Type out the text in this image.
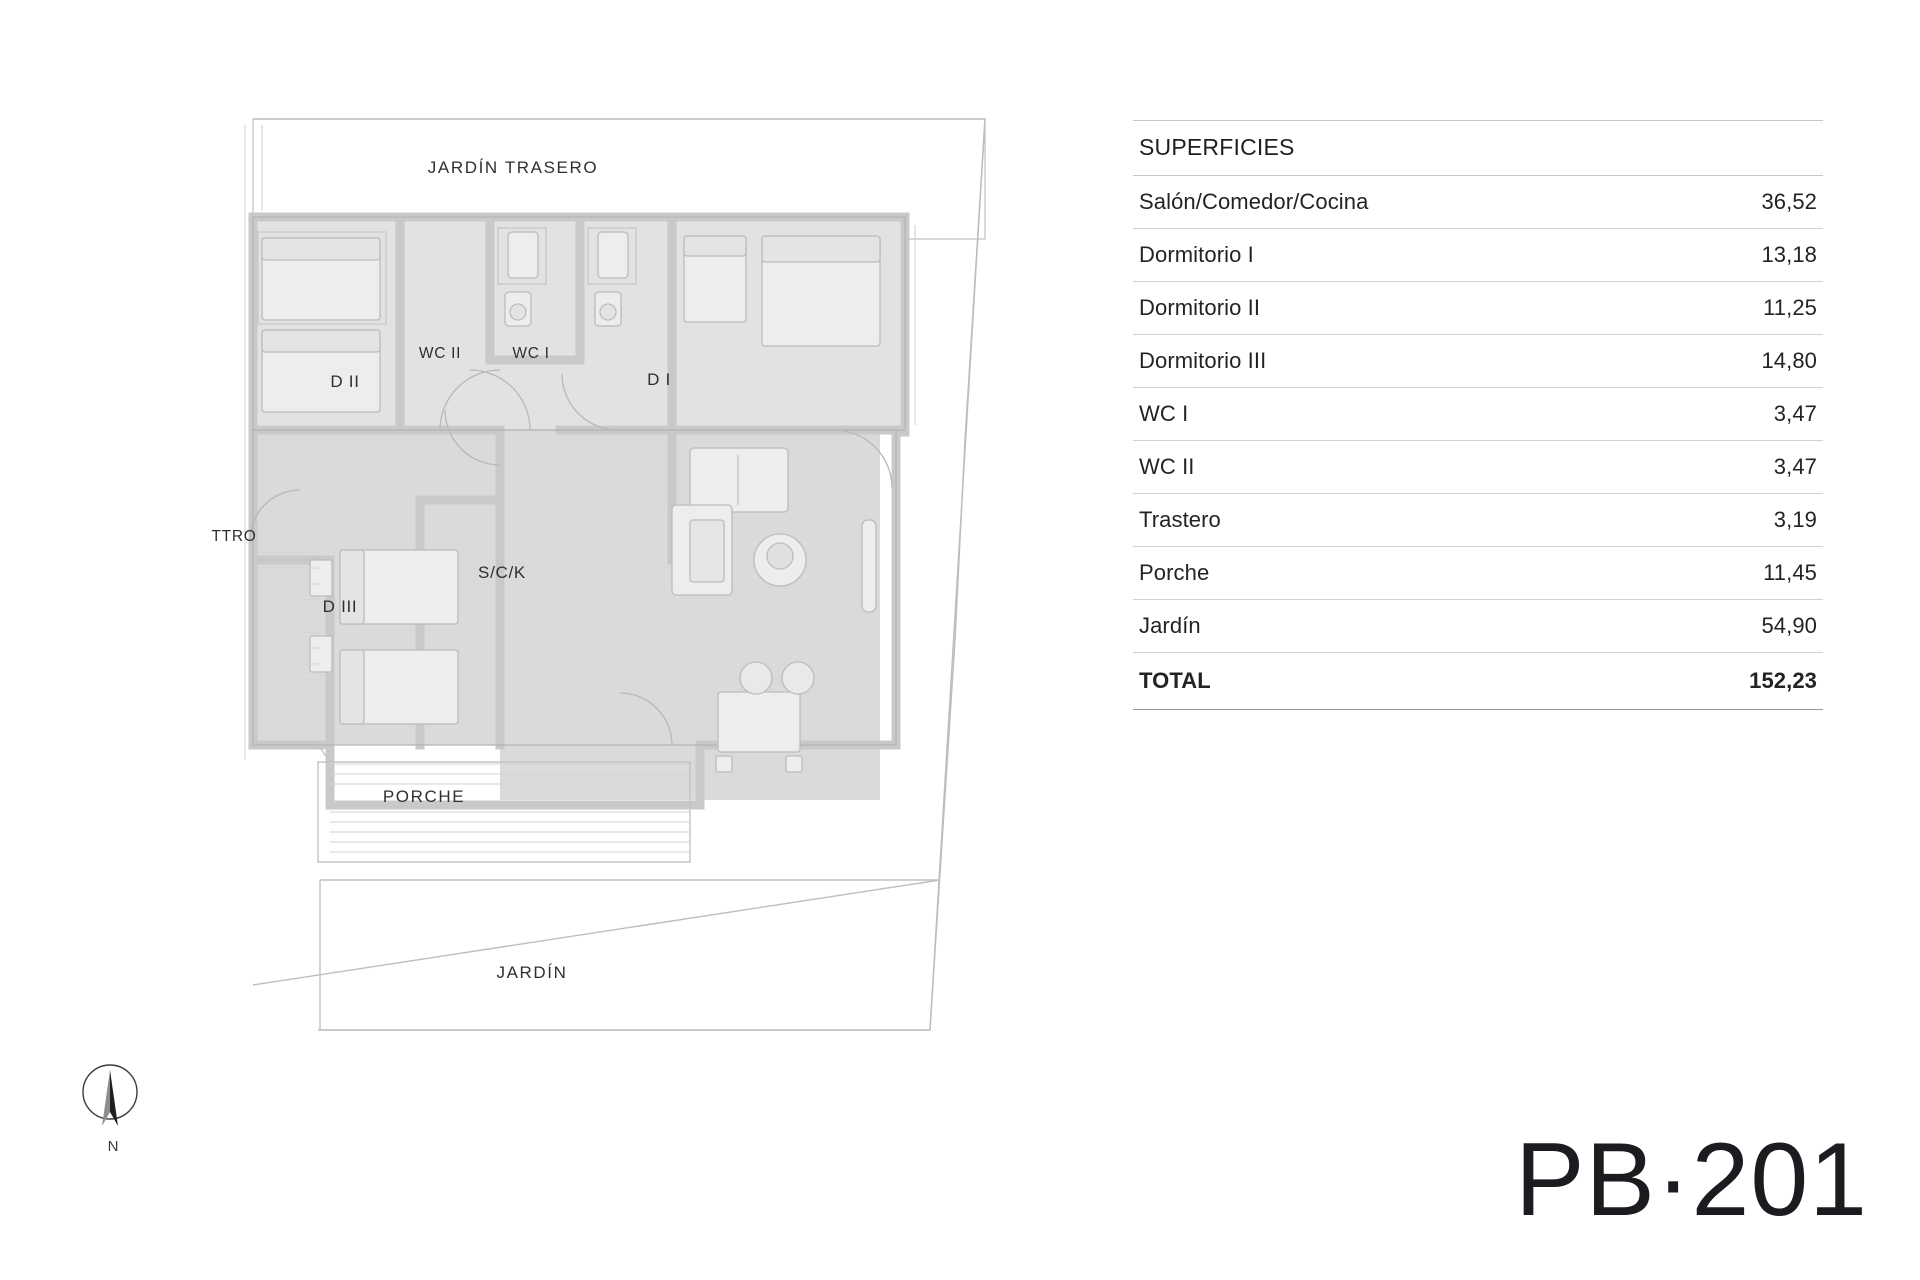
JARDÍN TRASERO
D II
WC II	WC I
D I
TTRO
D III
S/C/K
PORCHE
JARDÍN
N
SUPERFICIES
Salón/Comedor/Cocina	36,52
Dormitorio I	13,18
Dormitorio II	11,25
Dormitorio III	14,80
WC I	3,47
WC II	3,47
Trastero	3,19
Porche	11,45
Jardín	54,90
TOTAL	152,23
PB·201
